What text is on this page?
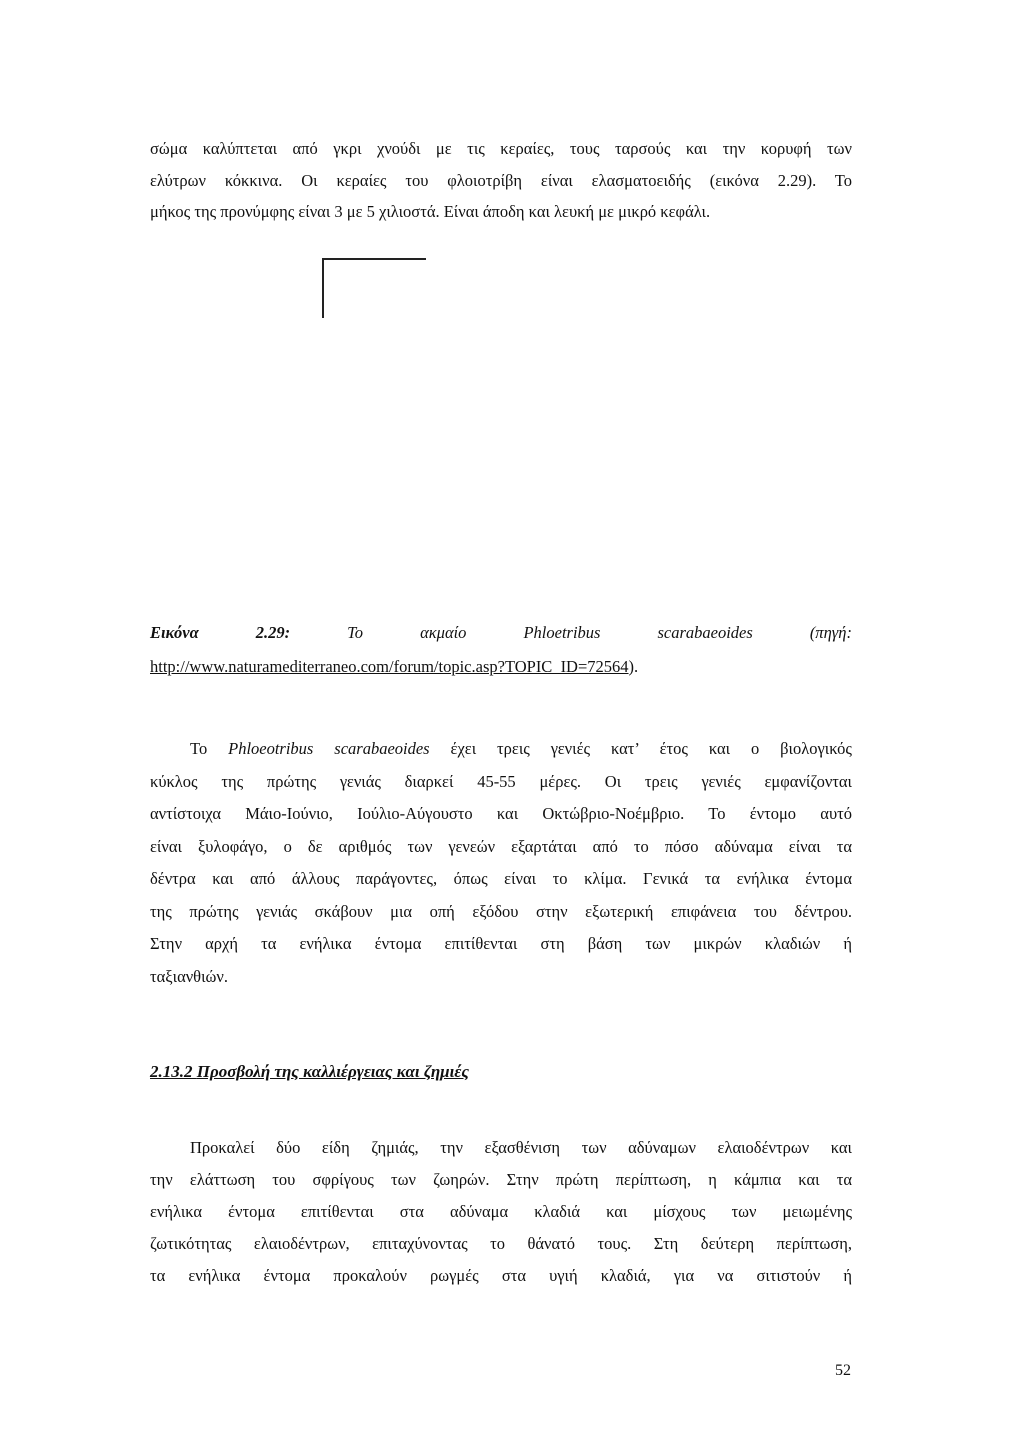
σώμα καλύπτεται από γκρι χνούδι με τις κεραίες, τους ταρσούς και την κορυφή των
ελύτρων κόκκινα. Οι κεραίες του φλοιοτρίβη είναι ελασματοειδής (εικόνα 2.29). Το
μήκος της προνύμφης είναι 3 με 5 χιλιοστά. Είναι άποδη και λευκή με μικρό κεφάλι.
Εικόνα	2.29:	Το	ακμαίο	Phloetribus	scarabaeoides	(πηγή:
http://www.naturamediterraneo.com/forum/topic.asp?TOPIC_ID=72564).
Το Phloeotribus scarabaeoides έχει τρεις γενιές κατ’ έτος και ο βιολογικός
κύκλος της πρώτης γενιάς διαρκεί 45-55 μέρες. Οι τρεις γενιές εμφανίζονται
αντίστοιχα Μάιο-Ιούνιο, Ιούλιο-Αύγουστο και Οκτώβριο-Νοέμβριο. Το έντομο αυτό
είναι ξυλοφάγο, ο δε αριθμός των γενεών εξαρτάται από το πόσο αδύναμα είναι τα
δέντρα και από άλλους παράγοντες, όπως είναι το κλίμα. Γενικά τα ενήλικα έντομα
της πρώτης γενιάς σκάβουν μια οπή εξόδου στην εξωτερική επιφάνεια του δέντρου.
Στην αρχή τα ενήλικα έντομα επιτίθενται στη βάση των μικρών κλαδιών ή
ταξιανθιών.
2.13.2 Προσβολή της καλλιέργειας και ζημιές
Προκαλεί δύο είδη ζημιάς, την εξασθένιση των αδύναμων ελαιοδέντρων και
την ελάττωση του σφρίγους των ζωηρών. Στην πρώτη περίπτωση, η κάμπια και τα
ενήλικα έντομα επιτίθενται στα αδύναμα κλαδιά και μίσχους των μειωμένης
ζωτικότητας ελαιοδέντρων, επιταχύνοντας το θάνατό τους. Στη δεύτερη περίπτωση,
τα ενήλικα έντομα προκαλούν ρωγμές στα υγιή κλαδιά, για να σιτιστούν ή
52
